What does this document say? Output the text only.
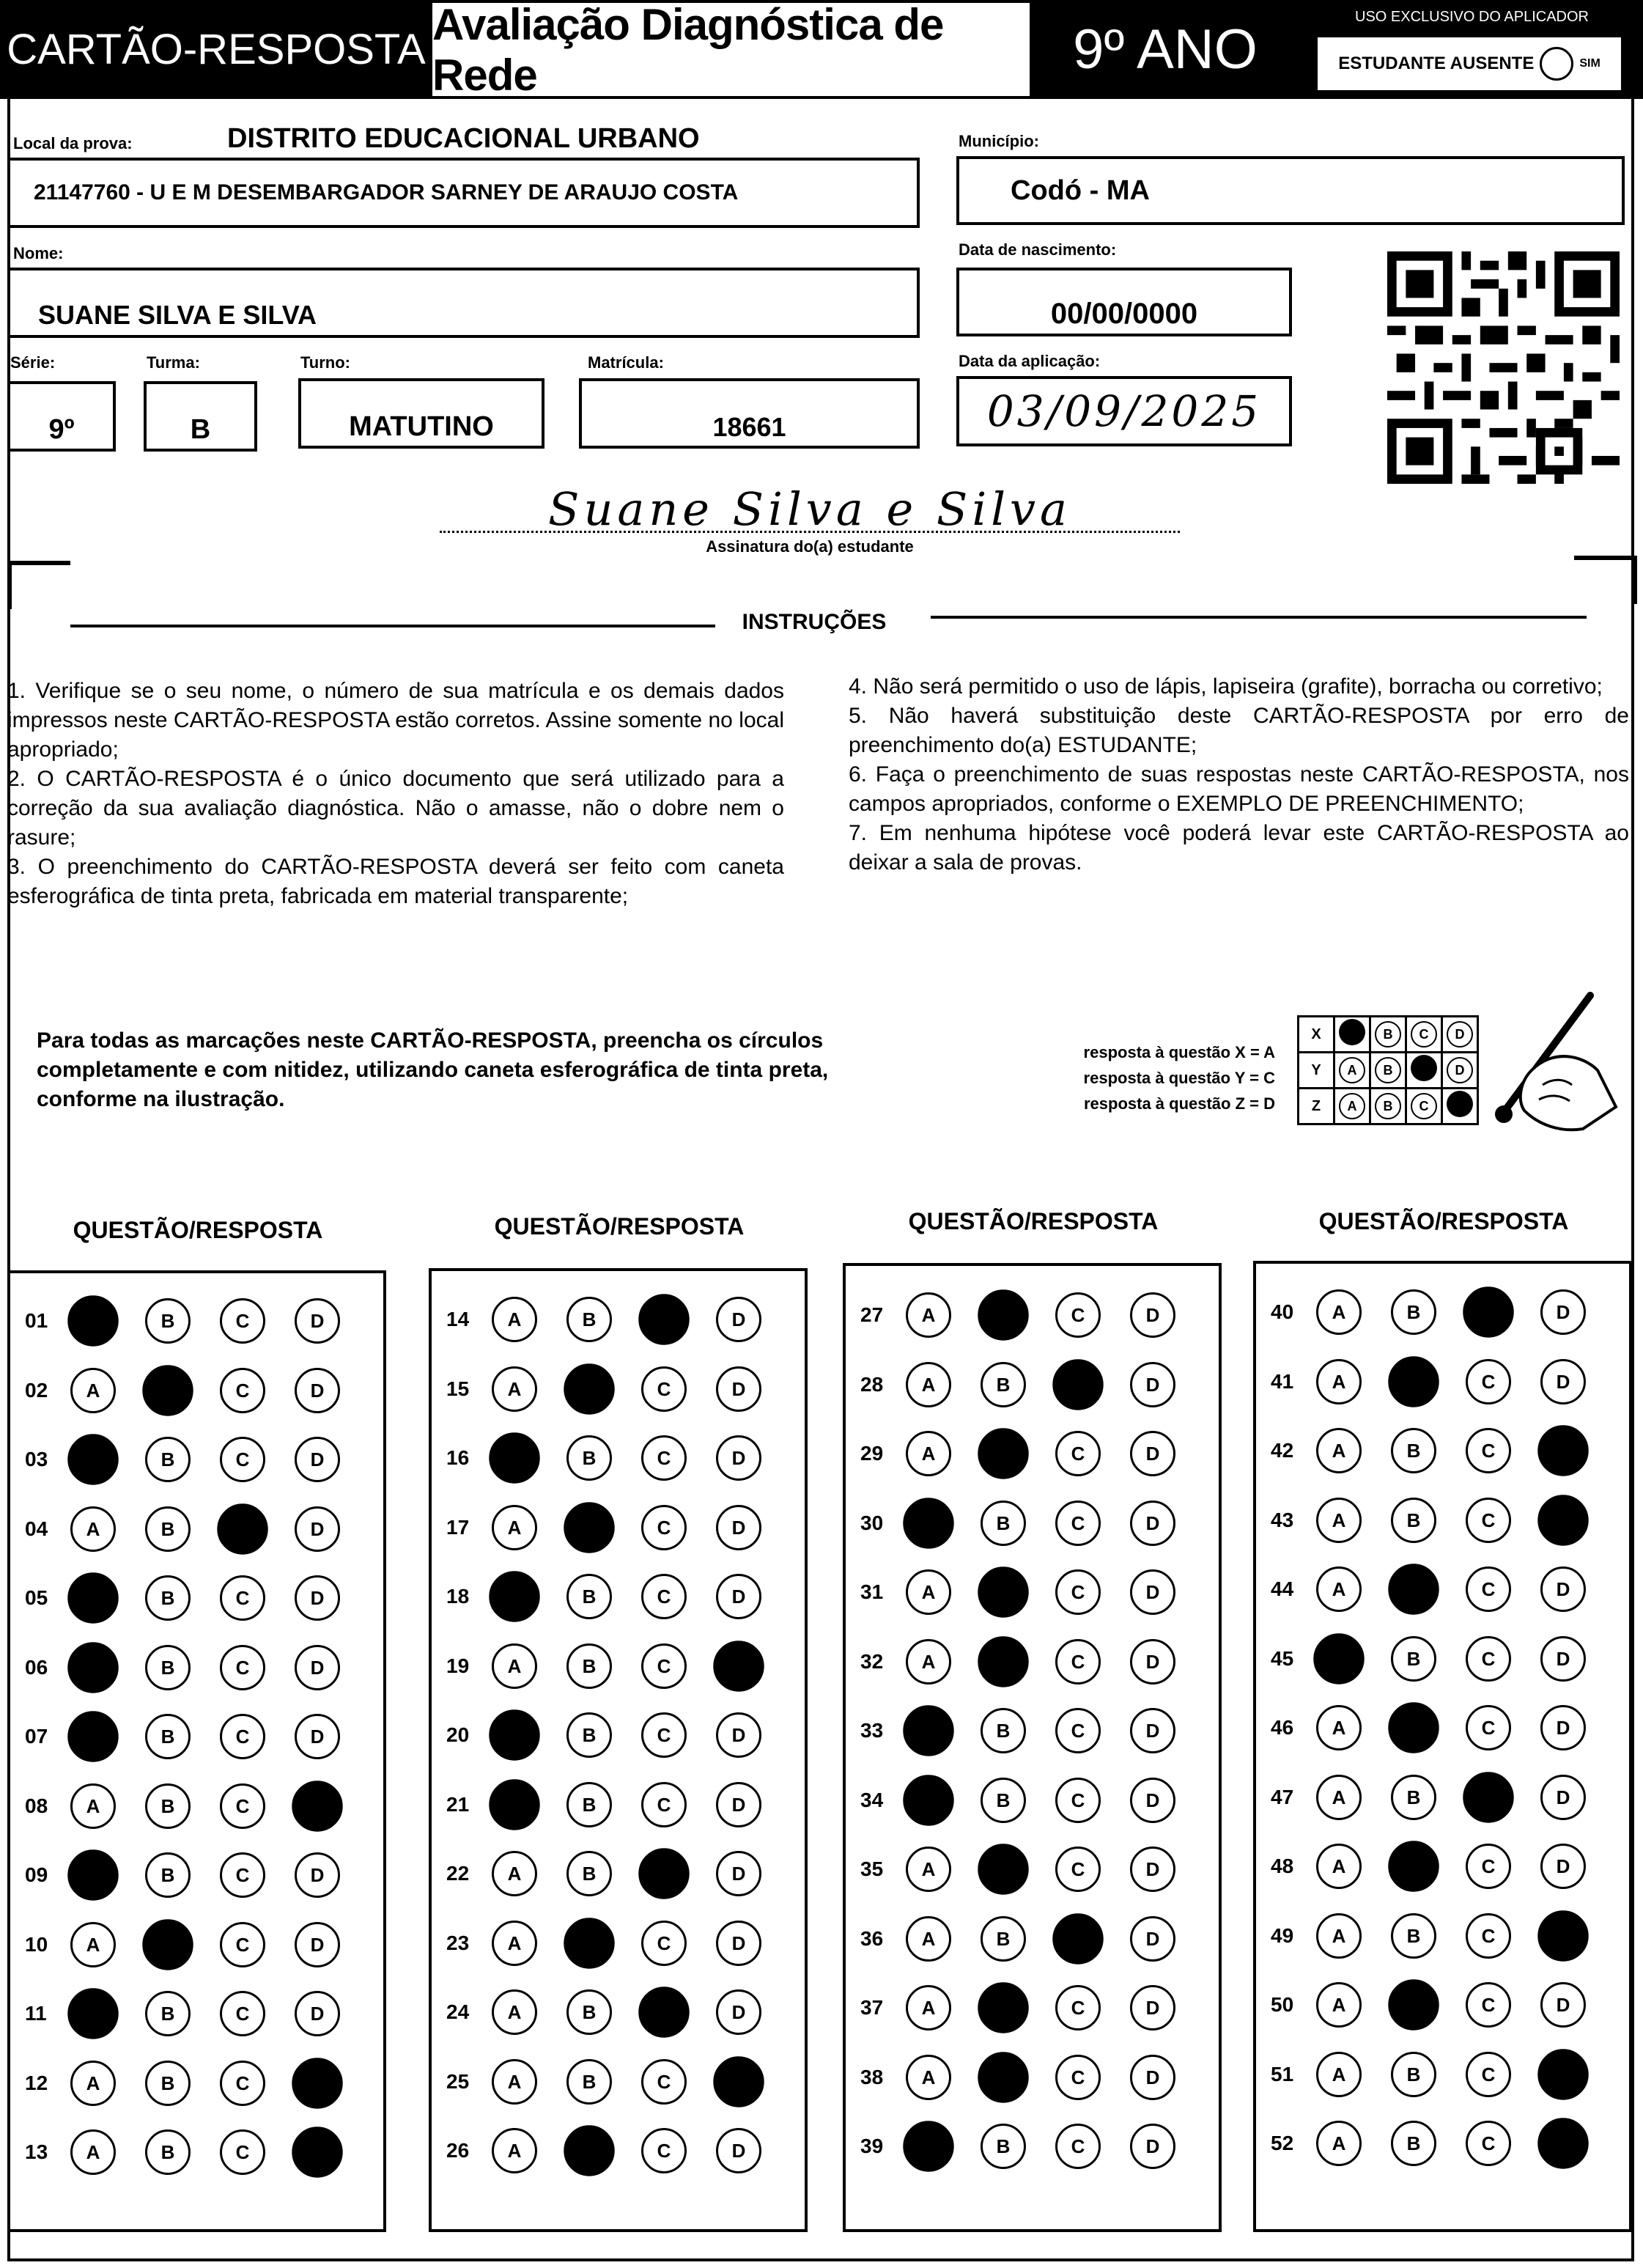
CARTÃO-RESPOSTA
Avaliação Diagnóstica de Rede	9º ANO
USO EXCLUSIVO DO APLICADOR
ESTUDANTE AUSENTE	SIM
Local da prova:	DISTRITO EDUCACIONAL URBANO
21147760 - U E M DESEMBARGADOR SARNEY DE ARAUJO COSTA
Município:
Codó - MA
Nome:
SUANE SILVA E SILVA
Data de nascimento:
00/00/0000
Série:
9º
Turma:
B
Turno:
MATUTINO
Matrícula:
18661
Data da aplicação:
03/09/2025
Suane Silva e Silva
Assinatura do(a) estudante
INSTRUÇÕES
1. Verifique se o seu nome, o número de sua matrícula e os demais dados impressos neste CARTÃO-RESPOSTA estão corretos. Assine somente no local apropriado;
2. O CARTÃO-RESPOSTA é o único documento que será utilizado para a correção da sua avaliação diagnóstica. Não o amasse, não o dobre nem o rasure;
3. O preenchimento do CARTÃO-RESPOSTA deverá ser feito com caneta esferográfica de tinta preta, fabricada em material transparente;
4. Não será permitido o uso de lápis, lapiseira (grafite), borracha ou corretivo;
5. Não haverá substituição deste CARTÃO-RESPOSTA por erro de preenchimento do(a) ESTUDANTE;
6. Faça o preenchimento de suas respostas neste CARTÃO-RESPOSTA, nos campos apropriados, conforme o EXEMPLO DE PREENCHIMENTO;
7. Em nenhuma hipótese você poderá levar este CARTÃO-RESPOSTA ao deixar a sala de provas.
Para todas as marcações neste CARTÃO-RESPOSTA, preencha os círculos completamente e com nitidez, utilizando caneta esferográfica de tinta preta, conforme na ilustração.
resposta à questão X = A
resposta à questão Y = C
resposta à questão Z = D
X		B	C	D
Y	A	B		D
Z	A	B	C	
QUESTÃO/RESPOSTA
01	A	B	C	D
02	A	B	C	D
03	A	B	C	D
04	A	B	C	D
05	A	B	C	D
06	A	B	C	D
07	A	B	C	D
08	A	B	C	D
09	A	B	C	D
10	A	B	C	D
11	A	B	C	D
12	A	B	C	D
13	A	B	C	D
QUESTÃO/RESPOSTA
14	A	B	C	D
15	A	B	C	D
16	A	B	C	D
17	A	B	C	D
18	A	B	C	D
19	A	B	C	D
20	A	B	C	D
21	A	B	C	D
22	A	B	C	D
23	A	B	C	D
24	A	B	C	D
25	A	B	C	D
26	A	B	C	D
QUESTÃO/RESPOSTA
27	A	B	C	D
28	A	B	C	D
29	A	B	C	D
30	A	B	C	D
31	A	B	C	D
32	A	B	C	D
33	A	B	C	D
34	A	B	C	D
35	A	B	C	D
36	A	B	C	D
37	A	B	C	D
38	A	B	C	D
39	A	B	C	D
QUESTÃO/RESPOSTA
40	A	B	C	D
41	A	B	C	D
42	A	B	C	D
43	A	B	C	D
44	A	B	C	D
45	A	B	C	D
46	A	B	C	D
47	A	B	C	D
48	A	B	C	D
49	A	B	C	D
50	A	B	C	D
51	A	B	C	D
52	A	B	C	D
